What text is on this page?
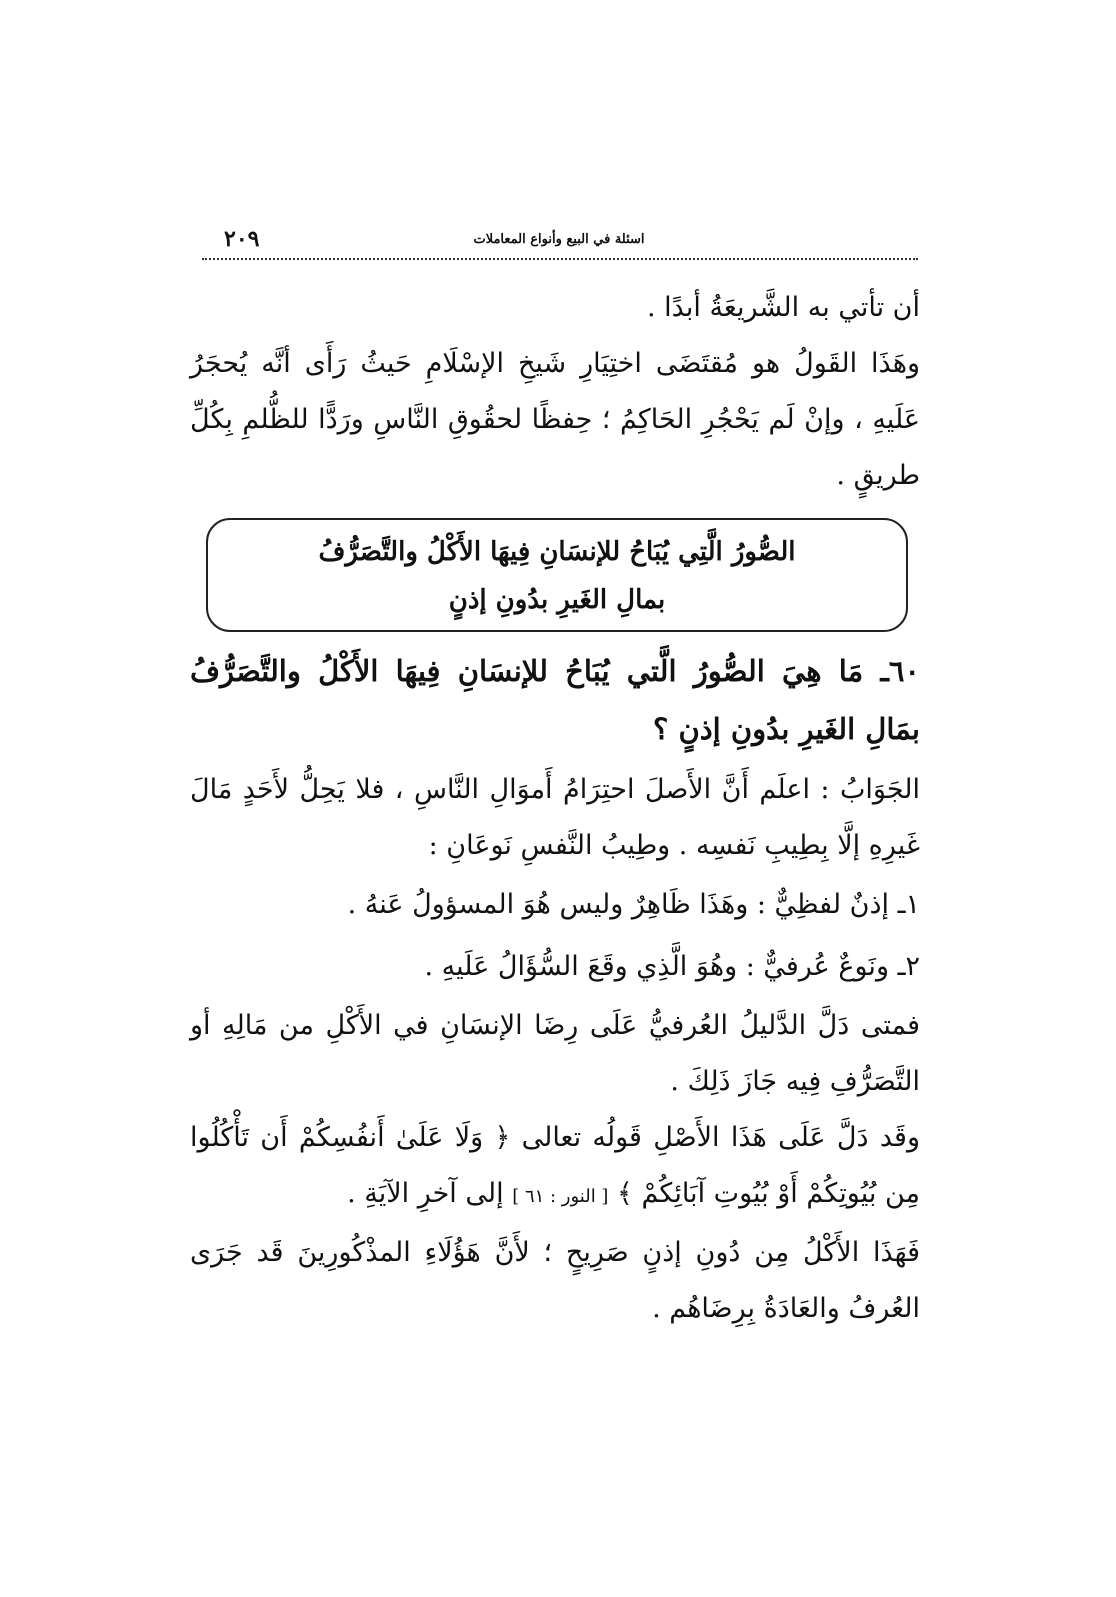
٢٠٩	اسئلة في البيع وأنواع المعاملات

أن تأتي به الشَّريعَةُ أبدًا .

وهَذَا القَولُ هو مُقتَضَى اختِيَارِ شَيخِ الإسْلَامِ حَيثُ رَأَى أنَّه يُحجَرُ عَلَيهِ ، وإنْ لَم يَحْجُرِ الحَاكِمُ ؛ حِفظًا لحقُوقِ النَّاسِ ورَدًّا للظُّلمِ بِكُلِّ طريقٍ .

الصُّورُ الَّتِي يُبَاحُ للإنسَانِ فِيهَا الأَكْلُ والتَّصَرُّفُ
بمالِ الغَيرِ بدُونِ إذنٍ

٦٠ـ مَا هِيَ الصُّورُ الَّتي يُبَاحُ للإنسَانِ فِيهَا الأَكْلُ والتَّصَرُّفُ بمَالِ الغَيرِ بدُونِ إذنٍ ؟

الجَوَابُ : اعلَم أَنَّ الأَصلَ احتِرَامُ أَموَالِ النَّاسِ ، فلا يَحِلُّ لأَحَدٍ مَالَ غَيرِهِ إلَّا بِطِيبِ نَفسِه . وطِيبُ النَّفسِ نَوعَانِ :

١ـ إذنٌ لفظِيٌّ : وهَذَا ظَاهِرٌ وليس هُوَ المسؤولُ عَنهُ .

٢ـ ونَوعٌ عُرفيٌّ : وهُوَ الَّذِي وقَعَ السُّؤَالُ عَلَيهِ .

فمتى دَلَّ الدَّليلُ العُرفيُّ عَلَى رِضَا الإنسَانِ في الأَكْلِ من مَالِهِ أو التَّصَرُّفِ فِيه جَازَ ذَلِكَ .

وقَد دَلَّ عَلَى هَذَا الأَصْلِ قَولُه تعالى ﴿ وَلَا عَلَىٰ أَنفُسِكُمْ أَن تَأْكُلُوا مِن بُيُوتِكُمْ أَوْ بُيُوتِ آبَائِكُمْ ﴾ [ النور : ٦١ ] إلى آخرِ الآيَةِ .

فَهَذَا الأَكْلُ مِن دُونِ إذنٍ صَرِيحٍ ؛ لأَنَّ هَؤُلَاءِ المذْكُورِينَ قَد جَرَى العُرفُ والعَادَةُ بِرِضَاهُم .
